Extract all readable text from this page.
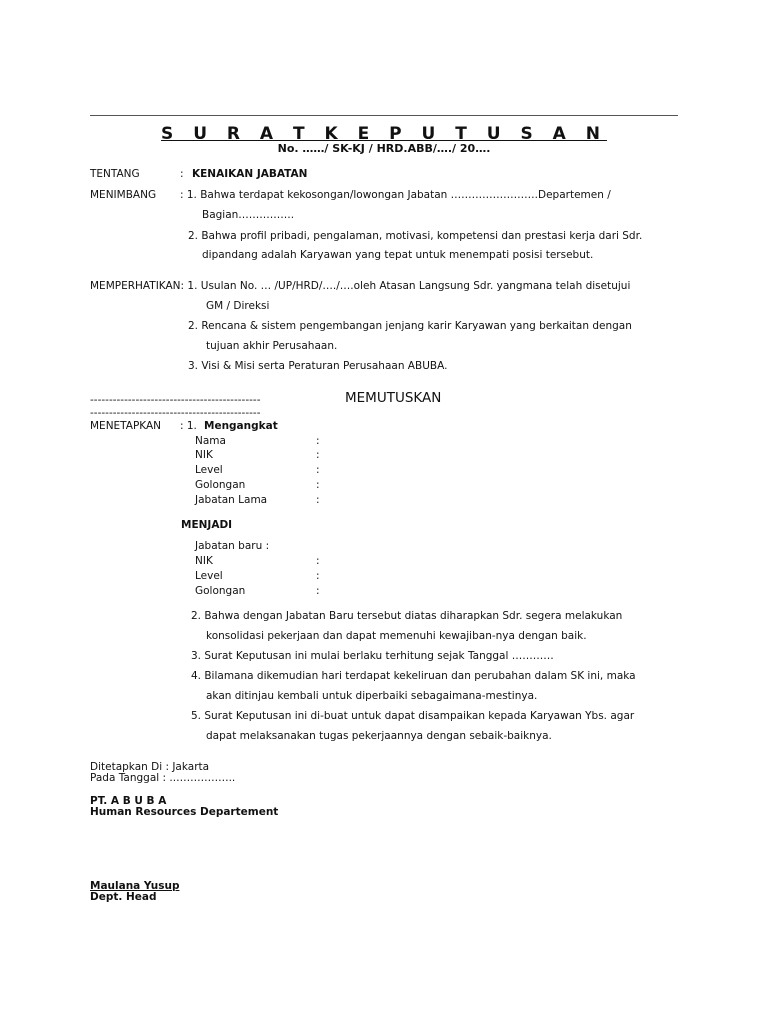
S U R A T K E P U T U S A N
No. ……/ SK-KJ / HRD.ABB/…./ 20….
TENTANG	: KENAIKAN JABATAN
MENIMBANG : 1. Bahwa terdapat kekosongan/lowongan Jabatan …………………….Departemen /
Bagian…………….
2. Bahwa profil pribadi, pengalaman, motivasi, kompetensi dan prestasi kerja dari Sdr.
dipandang adalah Karyawan yang tepat untuk menempati posisi tersebut.
MEMPERHATIKAN: 1. Usulan No. … /UP/HRD/…./….oleh Atasan Langsung Sdr. yangmana telah disetujui
GM / Direksi
2. Rencana & sistem pengembangan jenjang karir Karyawan yang berkaitan dengan
tujuan akhir Perusahaan.
3. Visi & Misi serta Peraturan Perusahaan ABUBA.
---------------------------------------------	MEMUTUSKAN
---------------------------------------------
MENETAPKAN : 1. Mengangkat
Nama	:
NIK	:
Level	:
Golongan	:
Jabatan Lama	:
MENJADI
Jabatan baru :
NIK	:
Level	:
Golongan	:
2. Bahwa dengan Jabatan Baru tersebut diatas diharapkan Sdr. segera melakukan
konsolidasi pekerjaan dan dapat memenuhi kewajiban-nya dengan baik.
3. Surat Keputusan ini mulai berlaku terhitung sejak Tanggal …………
4. Bilamana dikemudian hari terdapat kekeliruan dan perubahan dalam SK ini, maka
akan ditinjau kembali untuk diperbaiki sebagaimana-mestinya.
5. Surat Keputusan ini di-buat untuk dapat disampaikan kepada Karyawan Ybs. agar
dapat melaksanakan tugas pekerjaannya dengan sebaik-baiknya.
Ditetapkan Di : Jakarta
Pada Tanggal : ..……………..
PT. A B U B A
Human Resources Departement
Maulana Yusup
Dept. Head
